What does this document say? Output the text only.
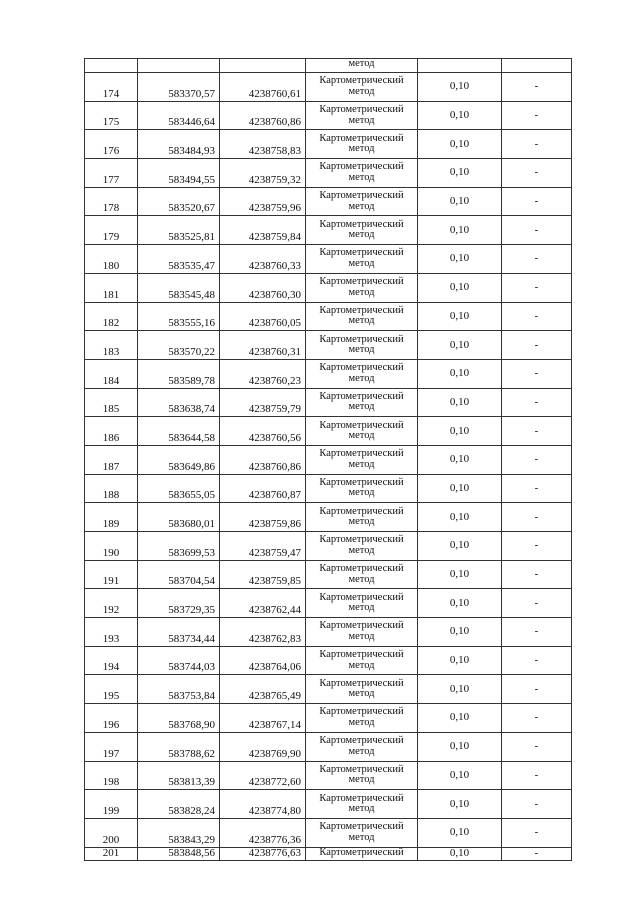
			метод		
174	583370,57	4238760,61	Картометрический
метод	0,10	-
175	583446,64	4238760,86	Картометрический
метод	0,10	-
176	583484,93	4238758,83	Картометрический
метод	0,10	-
177	583494,55	4238759,32	Картометрический
метод	0,10	-
178	583520,67	4238759,96	Картометрический
метод	0,10	-
179	583525,81	4238759,84	Картометрический
метод	0,10	-
180	583535,47	4238760,33	Картометрический
метод	0,10	-
181	583545,48	4238760,30	Картометрический
метод	0,10	-
182	583555,16	4238760,05	Картометрический
метод	0,10	-
183	583570,22	4238760,31	Картометрический
метод	0,10	-
184	583589,78	4238760,23	Картометрический
метод	0,10	-
185	583638,74	4238759,79	Картометрический
метод	0,10	-
186	583644,58	4238760,56	Картометрический
метод	0,10	-
187	583649,86	4238760,86	Картометрический
метод	0,10	-
188	583655,05	4238760,87	Картометрический
метод	0,10	-
189	583680,01	4238759,86	Картометрический
метод	0,10	-
190	583699,53	4238759,47	Картометрический
метод	0,10	-
191	583704,54	4238759,85	Картометрический
метод	0,10	-
192	583729,35	4238762,44	Картометрический
метод	0,10	-
193	583734,44	4238762,83	Картометрический
метод	0,10	-
194	583744,03	4238764,06	Картометрический
метод	0,10	-
195	583753,84	4238765,49	Картометрический
метод	0,10	-
196	583768,90	4238767,14	Картометрический
метод	0,10	-
197	583788,62	4238769,90	Картометрический
метод	0,10	-
198	583813,39	4238772,60	Картометрический
метод	0,10	-
199	583828,24	4238774,80	Картометрический
метод	0,10	-
200	583843,29	4238776,36	Картометрический
метод	0,10	-
201	583848,56	4238776,63	Картометрический	0,10	-
